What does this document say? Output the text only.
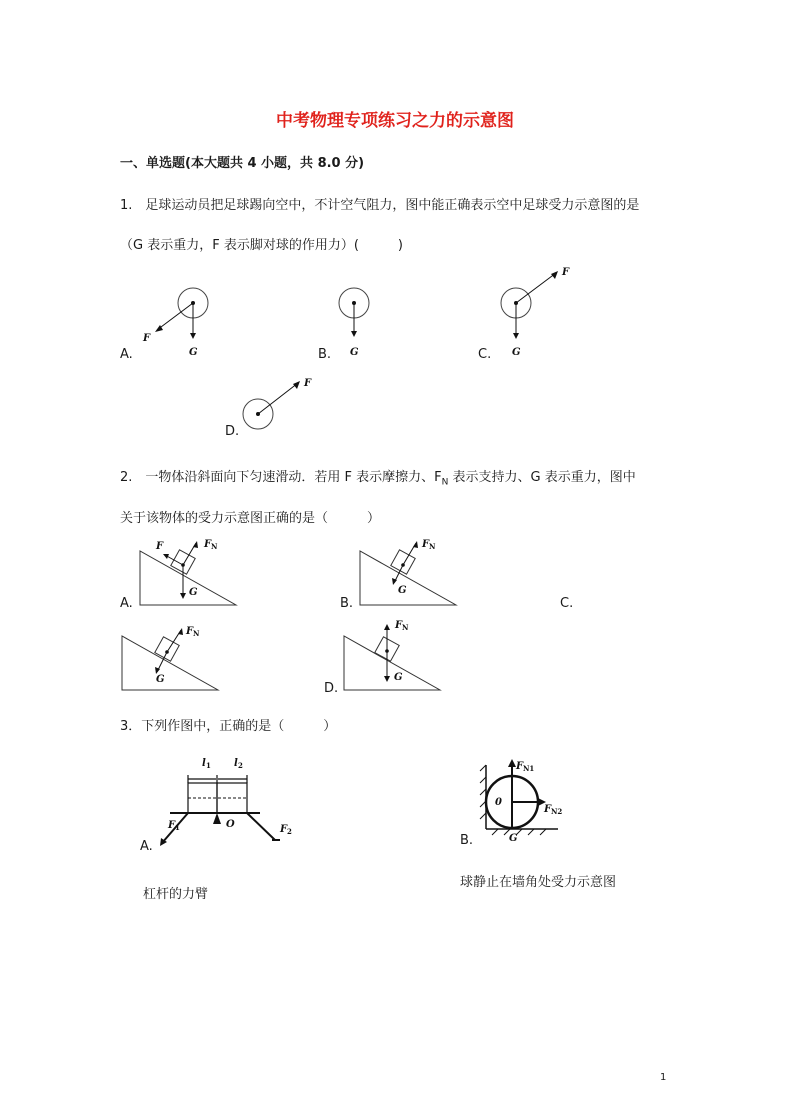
中考物理专项练习之力的示意图
一、单选题(本大题共 4 小题，共 8.0 分)
1.　足球运动员把足球踢向空中，不计空气阻力，图中能正确表示空中足球受力示意图的是
（G 表示重力，F 表示脚对球的作用力）(　　　)
A.	B.	C.
D.
F
G	G
F
G
F
2.　一物体沿斜面向下匀速滑动．若用 F 表示摩擦力、$F_N$ 表示支持力、G 表示重力，图中
关于该物体的受力示意图正确的是（　　　）
A.	B.	C.
D.
F	F N
G
F N
G
F N
G
F N
G
3．下列作图中，正确的是（　　　）
A.	B.
杠杆的力臂
球静止在墙角处受力示意图
l 1 l 2
F 1	O	F 2
0
F N1
F N2
G
1
